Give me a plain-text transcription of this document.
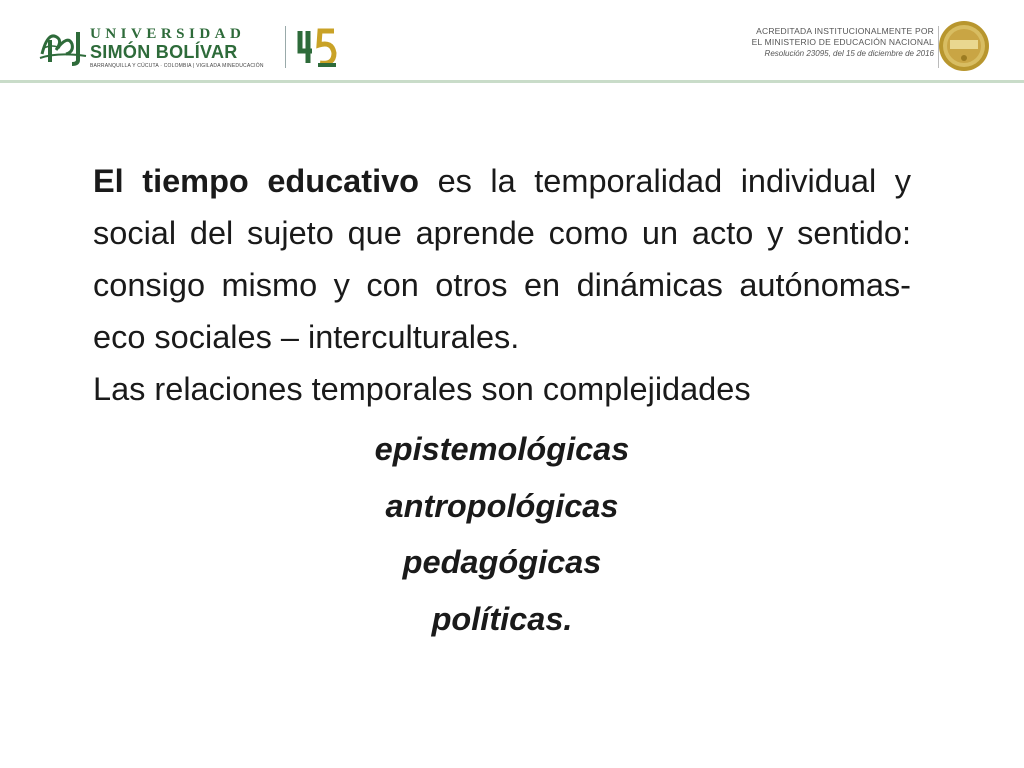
UNIVERSIDAD
SIMÓN BOLÍVAR
BARRANQUILLA Y CÚCUTA · COLOMBIA | VIGILADA MINEDUCACIÓN
ACREDITADA INSTITUCIONALMENTE POR
EL MINISTERIO DE EDUCACIÓN NACIONAL
Resolución 23095, del 15 de diciembre de 2016

El tiempo educativo es la temporalidad individual y social del sujeto que aprende como un acto y sentido: consigo mismo y con otros en dinámicas autónomas-eco sociales – interculturales.

Las relaciones temporales son complejidades

epistemológicas
antropológicas
pedagógicas
políticas.
